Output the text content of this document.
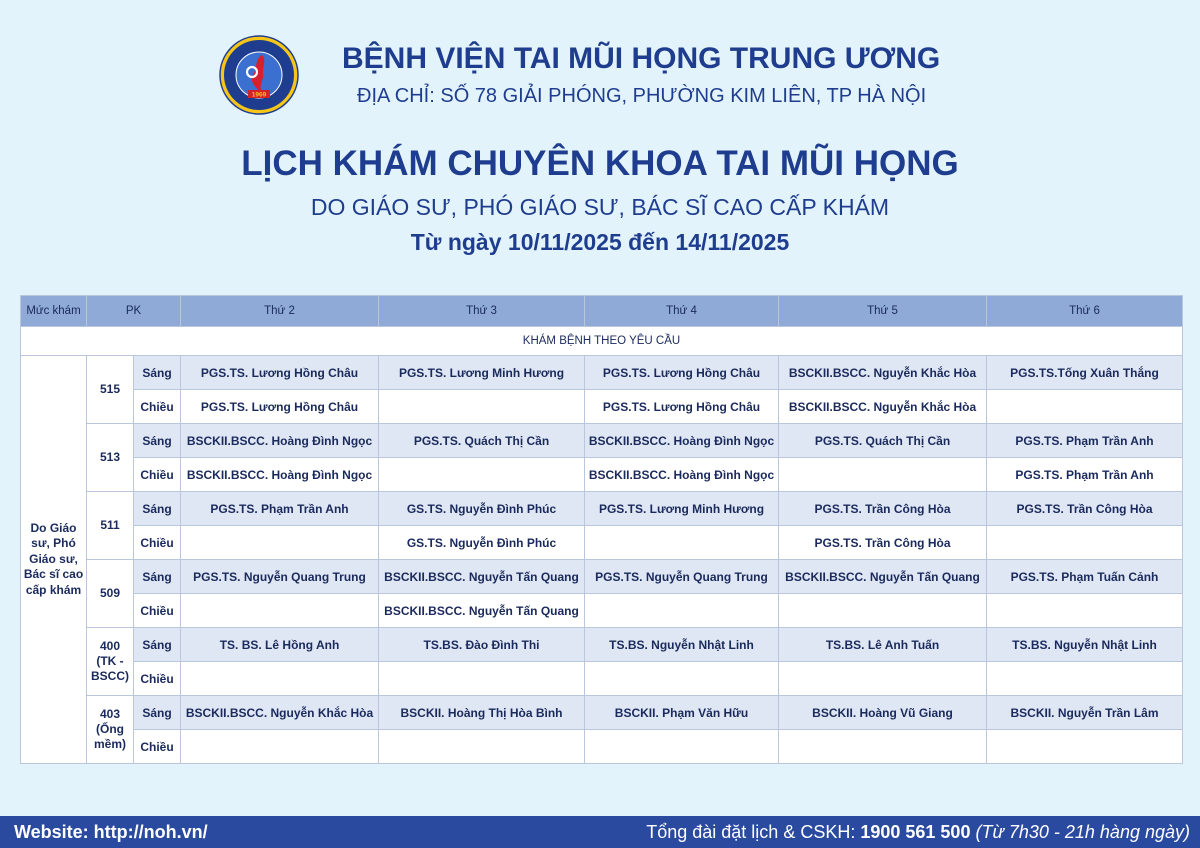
1969
BỆNH VIỆN TAI MŨI HỌNG TRUNG ƯƠNG
ĐỊA CHỈ: SỐ 78 GIẢI PHÓNG, PHƯỜNG KIM LIÊN, TP HÀ NỘI
LỊCH KHÁM CHUYÊN KHOA TAI MŨI HỌNG
DO GIÁO SƯ, PHÓ GIÁO SƯ, BÁC SĨ CAO CẤP KHÁM
Từ ngày 10/11/2025 đến 14/11/2025
Mức khám	PK		Thứ 2	Thứ 3	Thứ 4	Thứ 5	Thứ 6
KHÁM BỆNH THEO YÊU CẦU							
Do Giáo sư, Phó Giáo sư, Bác sĩ cao cấp khám	515	Sáng	PGS.TS. Lương Hồng Châu	PGS.TS. Lương Minh Hương	PGS.TS. Lương Hồng Châu	BSCKII.BSCC. Nguyễn Khắc Hòa	PGS.TS.Tống Xuân Thắng
		Chiều	PGS.TS. Lương Hồng Châu		PGS.TS. Lương Hồng Châu	BSCKII.BSCC. Nguyễn Khắc Hòa	
	513	Sáng	BSCKII.BSCC. Hoàng Đình Ngọc	PGS.TS. Quách Thị Cần	BSCKII.BSCC. Hoàng Đình Ngọc	PGS.TS. Quách Thị Cần	PGS.TS. Phạm Trần Anh
		Chiều	BSCKII.BSCC. Hoàng Đình Ngọc		BSCKII.BSCC. Hoàng Đình Ngọc		PGS.TS. Phạm Trần Anh
	511	Sáng	PGS.TS. Phạm Trần Anh	GS.TS. Nguyễn Đình Phúc	PGS.TS. Lương Minh Hương	PGS.TS. Trần Công Hòa	PGS.TS. Trần Công Hòa
		Chiều		GS.TS. Nguyễn Đình Phúc		PGS.TS. Trần Công Hòa	
	509	Sáng	PGS.TS. Nguyễn Quang Trung	BSCKII.BSCC. Nguyễn Tấn Quang	PGS.TS. Nguyễn Quang Trung	BSCKII.BSCC. Nguyễn Tấn Quang	PGS.TS. Phạm Tuấn Cảnh
		Chiều		BSCKII.BSCC. Nguyễn Tấn Quang			
	400 (TK - BSCC)	Sáng	TS. BS. Lê Hồng Anh	TS.BS. Đào Đình Thi	TS.BS. Nguyễn Nhật Linh	TS.BS. Lê Anh Tuấn	TS.BS. Nguyễn Nhật Linh
		Chiều					
	403 (Ống mềm)	Sáng	BSCKII.BSCC. Nguyễn Khắc Hòa	BSCKII. Hoàng Thị Hòa Bình	BSCKII. Phạm Văn Hữu	BSCKII. Hoàng Vũ Giang	BSCKII. Nguyễn Trần Lâm
		Chiều					
Website: http://noh.vn/	Tổng đài đặt lịch & CSKH: 1900 561 500 (Từ 7h30 - 21h hàng ngày)
